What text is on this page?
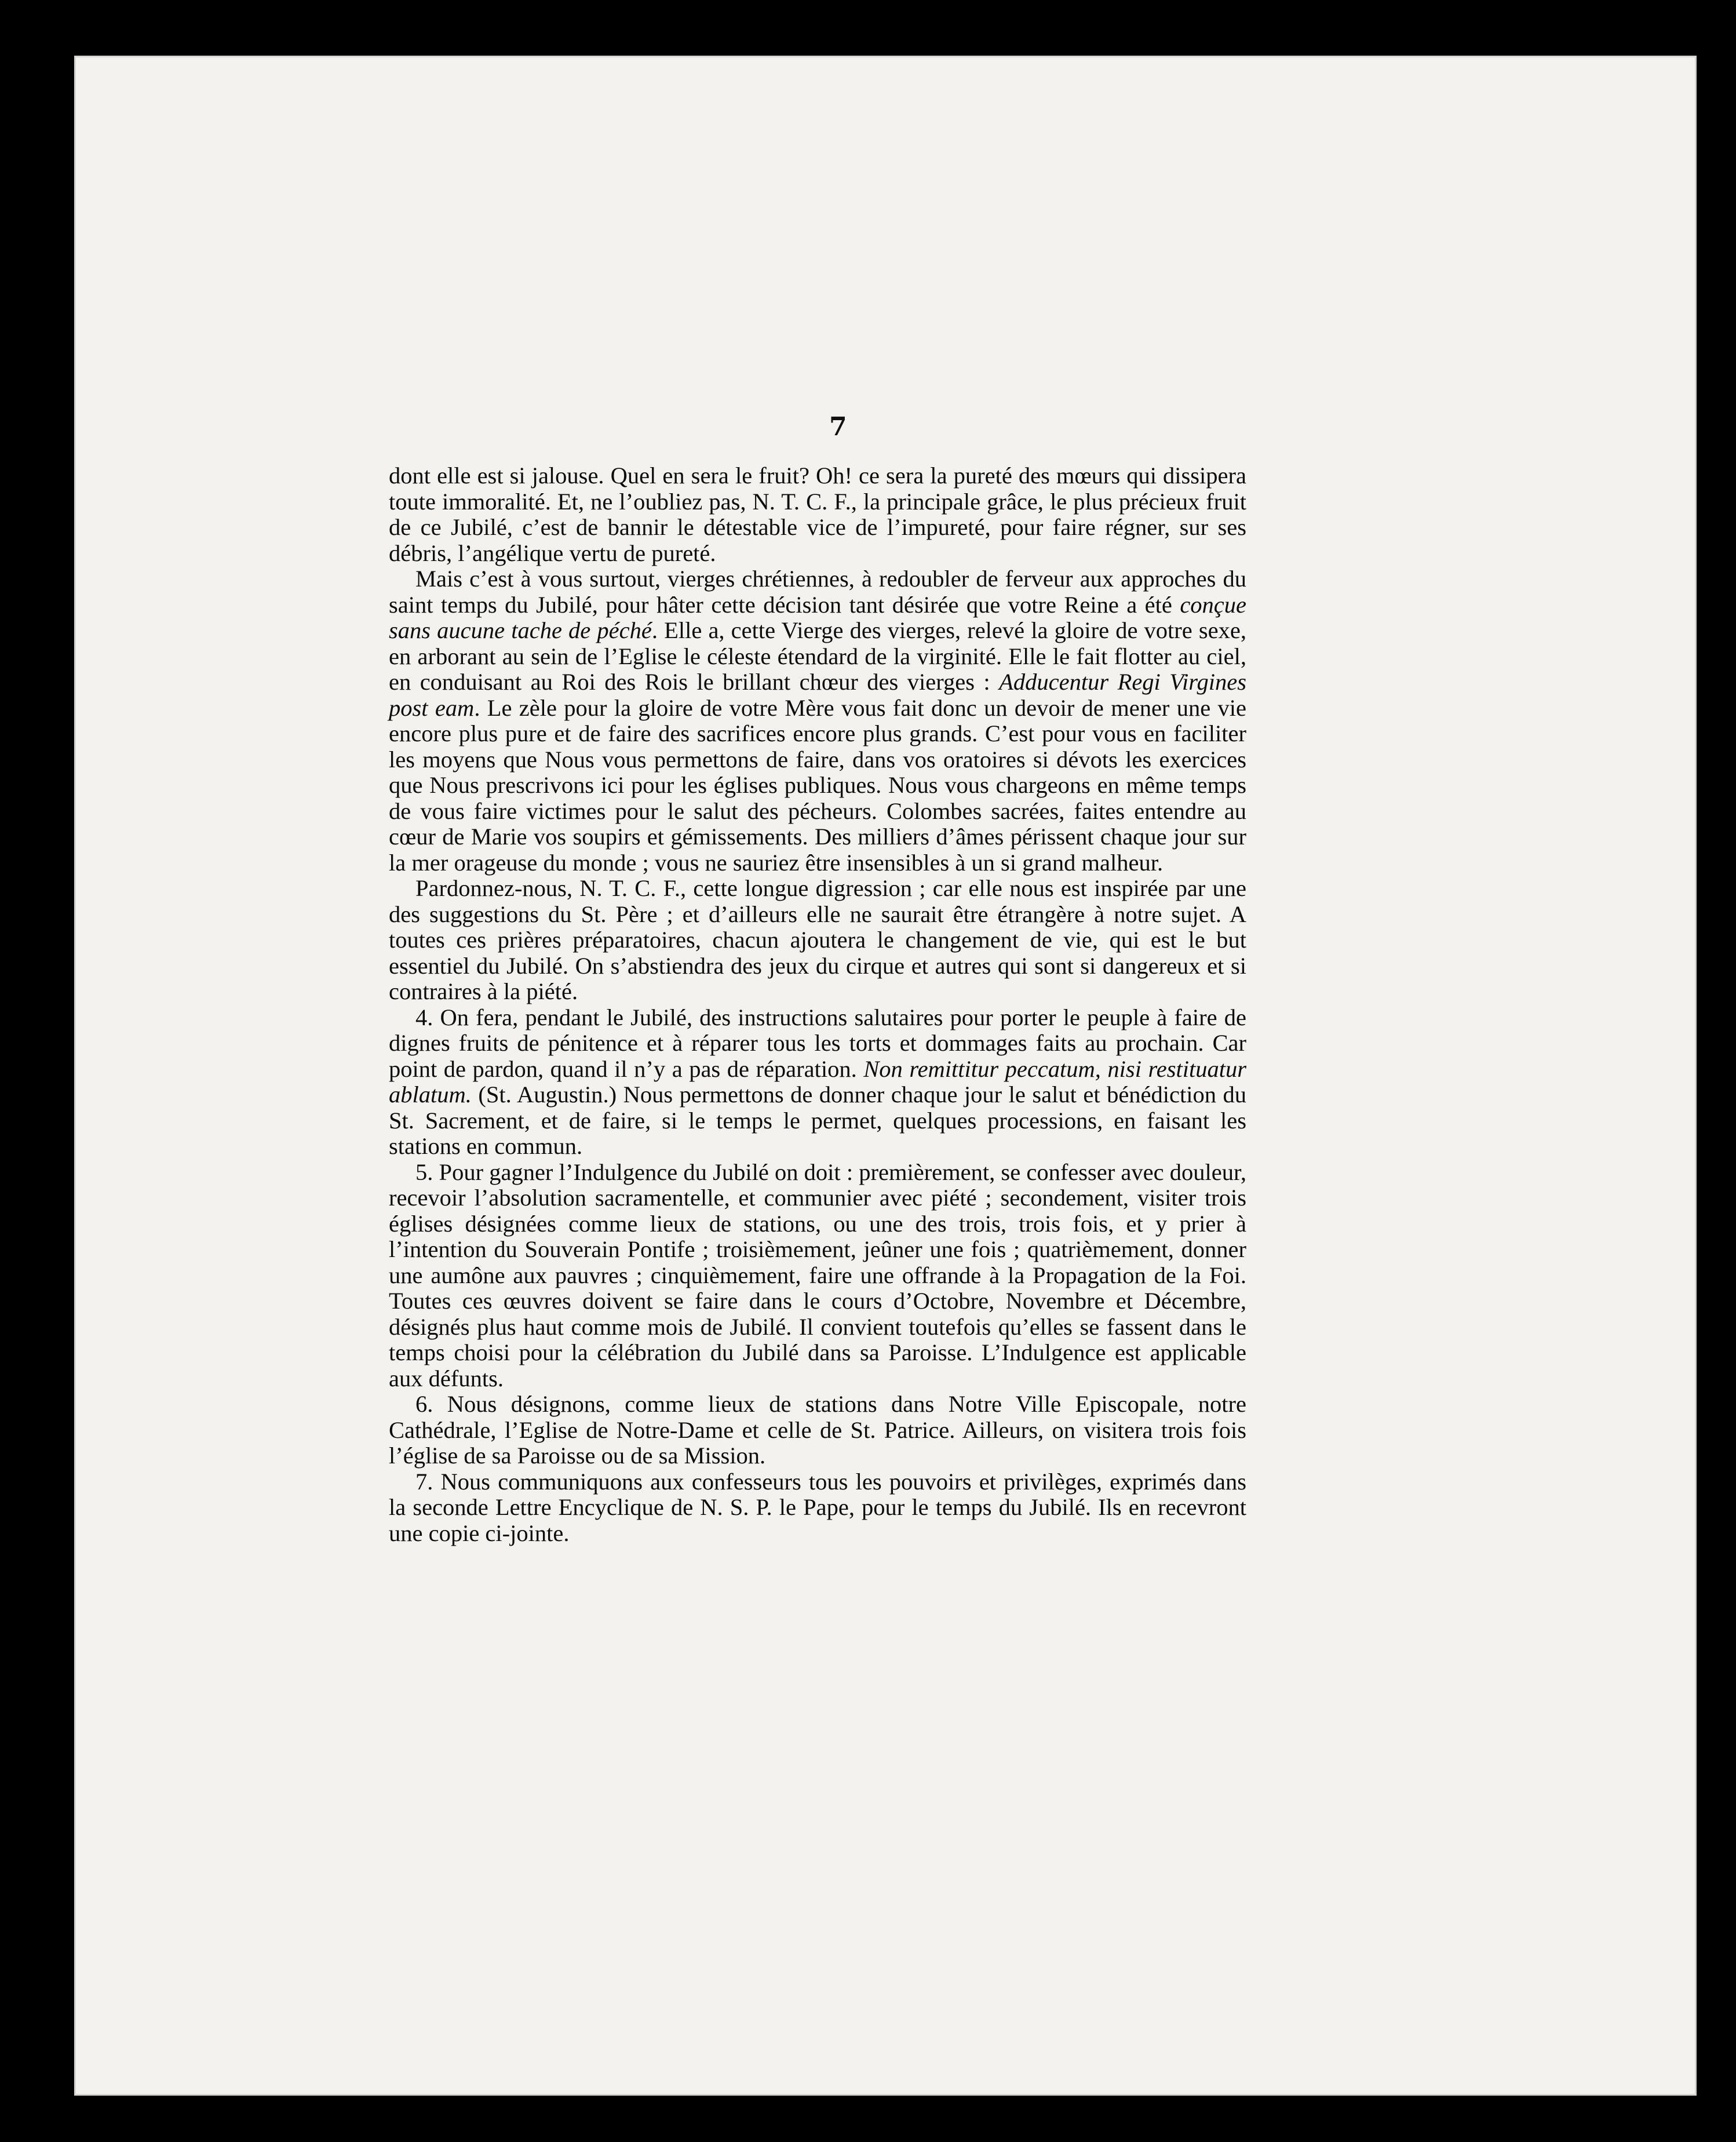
7

dont elle est si jalouse. Quel en sera le fruit? Oh! ce sera la pureté des mœurs qui dissipera toute immoralité. Et, ne l’oubliez pas, N. T. C. F., la principale grâce, le plus précieux fruit de ce Jubilé, c’est de bannir le détestable vice de l’impureté, pour faire régner, sur ses débris, l’angélique vertu de pureté.

Mais c’est à vous surtout, vierges chrétiennes, à redoubler de ferveur aux approches du saint temps du Jubilé, pour hâter cette décision tant désirée que votre Reine a été conçue sans aucune tache de péché. Elle a, cette Vierge des vierges, relevé la gloire de votre sexe, en arborant au sein de l’Eglise le céleste étendard de la virginité. Elle le fait flotter au ciel, en conduisant au Roi des Rois le brillant chœur des vierges : Adducentur Regi Virgines post eam. Le zèle pour la gloire de votre Mère vous fait donc un devoir de mener une vie encore plus pure et de faire des sacrifices encore plus grands. C’est pour vous en faciliter les moyens que Nous vous permettons de faire, dans vos oratoires si dévots les exercices que Nous prescrivons ici pour les églises publiques. Nous vous chargeons en même temps de vous faire victimes pour le salut des pécheurs. Colombes sacrées, faites entendre au cœur de Marie vos soupirs et gémissements. Des milliers d’âmes périssent chaque jour sur la mer orageuse du monde ; vous ne sauriez être insensibles à un si grand malheur.

Pardonnez-nous, N. T. C. F., cette longue digression ; car elle nous est inspirée par une des suggestions du St. Père ; et d’ailleurs elle ne saurait être étrangère à notre sujet. A toutes ces prières préparatoires, chacun ajoutera le changement de vie, qui est le but essentiel du Jubilé. On s’abstiendra des jeux du cirque et autres qui sont si dangereux et si contraires à la piété.

4. On fera, pendant le Jubilé, des instructions salutaires pour porter le peuple à faire de dignes fruits de pénitence et à réparer tous les torts et dommages faits au prochain. Car point de pardon, quand il n’y a pas de réparation. Non remittitur peccatum, nisi restituatur ablatum. (St. Augustin.) Nous permettons de donner chaque jour le salut et bénédiction du St. Sacrement, et de faire, si le temps le permet, quelques processions, en faisant les stations en commun.

5. Pour gagner l’Indulgence du Jubilé on doit : premièrement, se confesser avec douleur, recevoir l’absolution sacramentelle, et communier avec piété ; secondement, visiter trois églises désignées comme lieux de stations, ou une des trois, trois fois, et y prier à l’intention du Souverain Pontife ; troisièmement, jeûner une fois ; quatrièmement, donner une aumône aux pauvres ; cinquièmement, faire une offrande à la Propagation de la Foi. Toutes ces œuvres doivent se faire dans le cours d’Octobre, Novembre et Décembre, désignés plus haut comme mois de Jubilé. Il convient toutefois qu’elles se fassent dans le temps choisi pour la célébration du Jubilé dans sa Paroisse. L’Indulgence est applicable aux défunts.

6. Nous désignons, comme lieux de stations dans Notre Ville Episcopale, notre Cathédrale, l’Eglise de Notre-Dame et celle de St. Patrice. Ailleurs, on visitera trois fois l’église de sa Paroisse ou de sa Mission.

7. Nous communiquons aux confesseurs tous les pouvoirs et privilèges, exprimés dans la seconde Lettre Encyclique de N. S. P. le Pape, pour le temps du Jubilé. Ils en recevront une copie ci-jointe.
